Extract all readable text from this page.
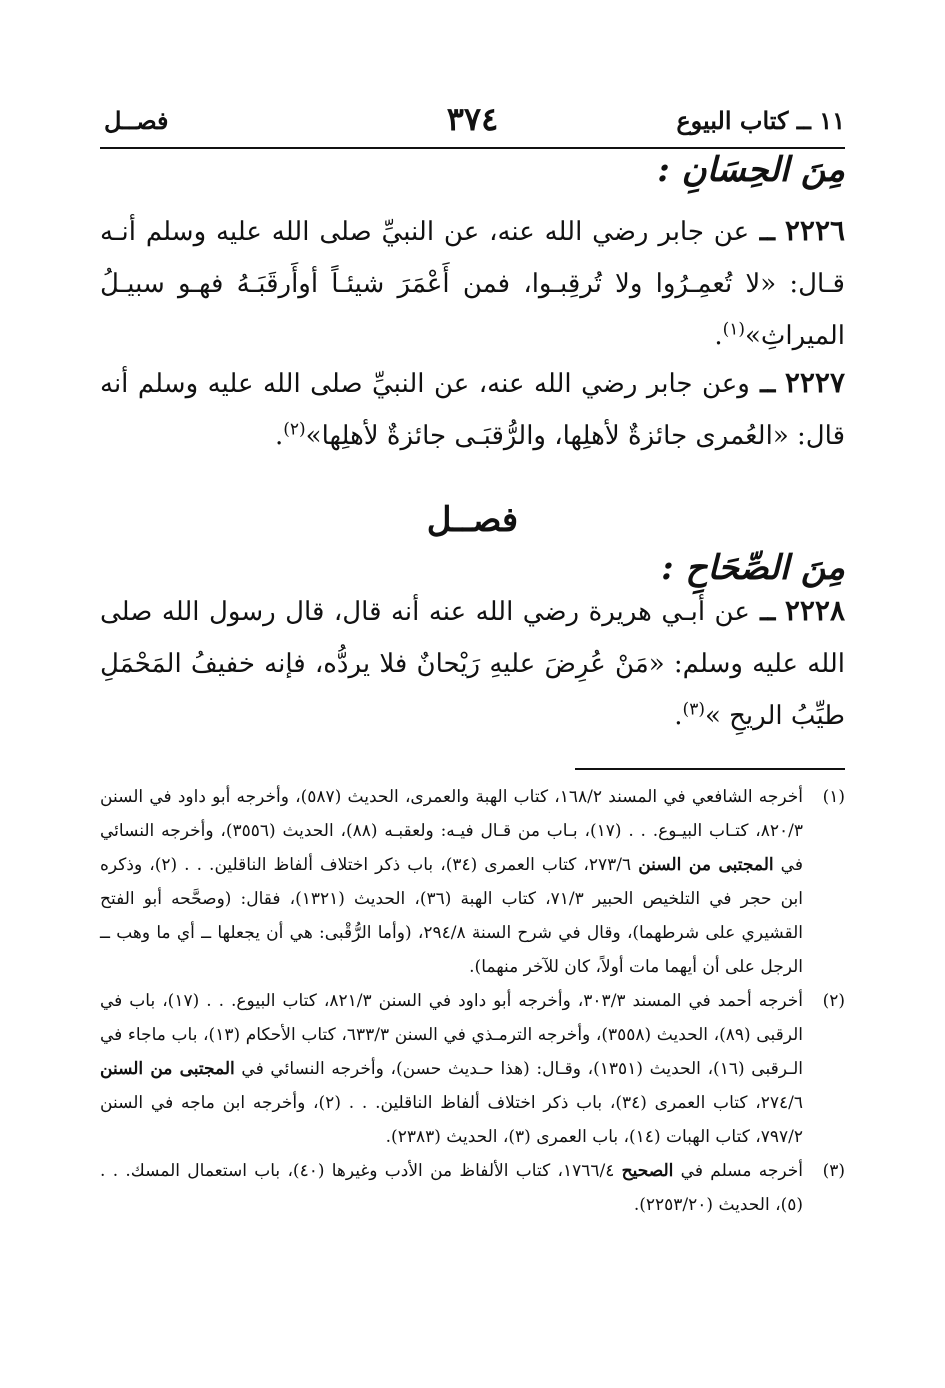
١١ ــ كتاب البيوع
٣٧٤
فصــل
مِنَ الحِسَانِ :
٢٢٢٦ ــ عن جابر رضي الله عنه، عن النبيِّ صلى الله عليه وسلم أنـه قـال: «لا تُعمِـرُوا ولا تُرقِبـوا، فمن أَعْمَرَ شيئـاً أوأَرقَبَـهُ فهـو سبيـلُ الميراثِ»$^{(١)}$.
٢٢٢٧ ــ وعن جابر رضي الله عنه، عن النبيِّ صلى الله عليه وسلم أنه قال: «العُمرى جائزةٌ لأهلِها، والرُّقبَـى جائزةٌ لأهلِها»$^{(٢)}$.
فصــل
مِنَ الصِّحَاحِ :
٢٢٢٨ ــ عن أبـي هريرة رضي الله عنه أنه قال، قال رسول الله صلى الله عليه وسلم: «مَنْ عُرِضَ عليهِ رَيْحانٌ فلا يردُّه، فإنه خفيفُ المَحْمَلِ طيِّبُ الريحِ »$^{(٣)}$.
(١)
أخرجه الشافعي في المسند ١٦٨/٢، كتاب الهبة والعمرى، الحديث (٥٨٧)، وأخرجه أبو داود في السنن ٨٢٠/٣، كتـاب البيـوع. . . (١٧)، بـاب من قـال فيـه: ولعقبـه (٨٨)، الحديث (٣٥٥٦)، وأخرجه النسائي في المجتبى من السنن ٢٧٣/٦، كتاب العمرى (٣٤)، باب ذكر اختلاف ألفاظ الناقلين. . . (٢)، وذكره ابن حجر في التلخيص الحبير ٧١/٣، كتاب الهبة (٣٦)، الحديث (١٣٢١)، فقال: (وصحَّحه أبو الفتح القشيري على شرطهما)، وقال في شرح السنة ٢٩٤/٨، (وأما الرُّقْبى: هي أن يجعلها ــ أي ما وهب ــ الرجل على أن أيهما مات أولاً، كان للآخر منهما).
(٢)
أخرجه أحمد في المسند ٣٠٣/٣، وأخرجه أبو داود في السنن ٨٢١/٣، كتاب البيوع. . . (١٧)، باب في الرقبى (٨٩)، الحديث (٣٥٥٨)، وأخرجه الترمـذي في السنن ٦٣٣/٣، كتاب الأحكام (١٣)، باب ماجاء في الـرقبى (١٦)، الحديث (١٣٥١)، وقـال: (هذا حـديث حسن)، وأخرجه النسائي في المجتبى من السنن ٢٧٤/٦، كتاب العمرى (٣٤)، باب ذكر اختلاف ألفاظ الناقلين. . . (٢)، وأخرجه ابن ماجه في السنن ٧٩٧/٢، كتاب الهبات (١٤)، باب العمرى (٣)، الحديث (٢٣٨٣).
(٣)
أخرجه مسلم في الصحيح ١٧٦٦/٤، كتاب الألفاظ من الأدب وغيرها (٤٠)، باب استعمال المسك. . . (٥)، الحديث (٢٢٥٣/٢٠).
